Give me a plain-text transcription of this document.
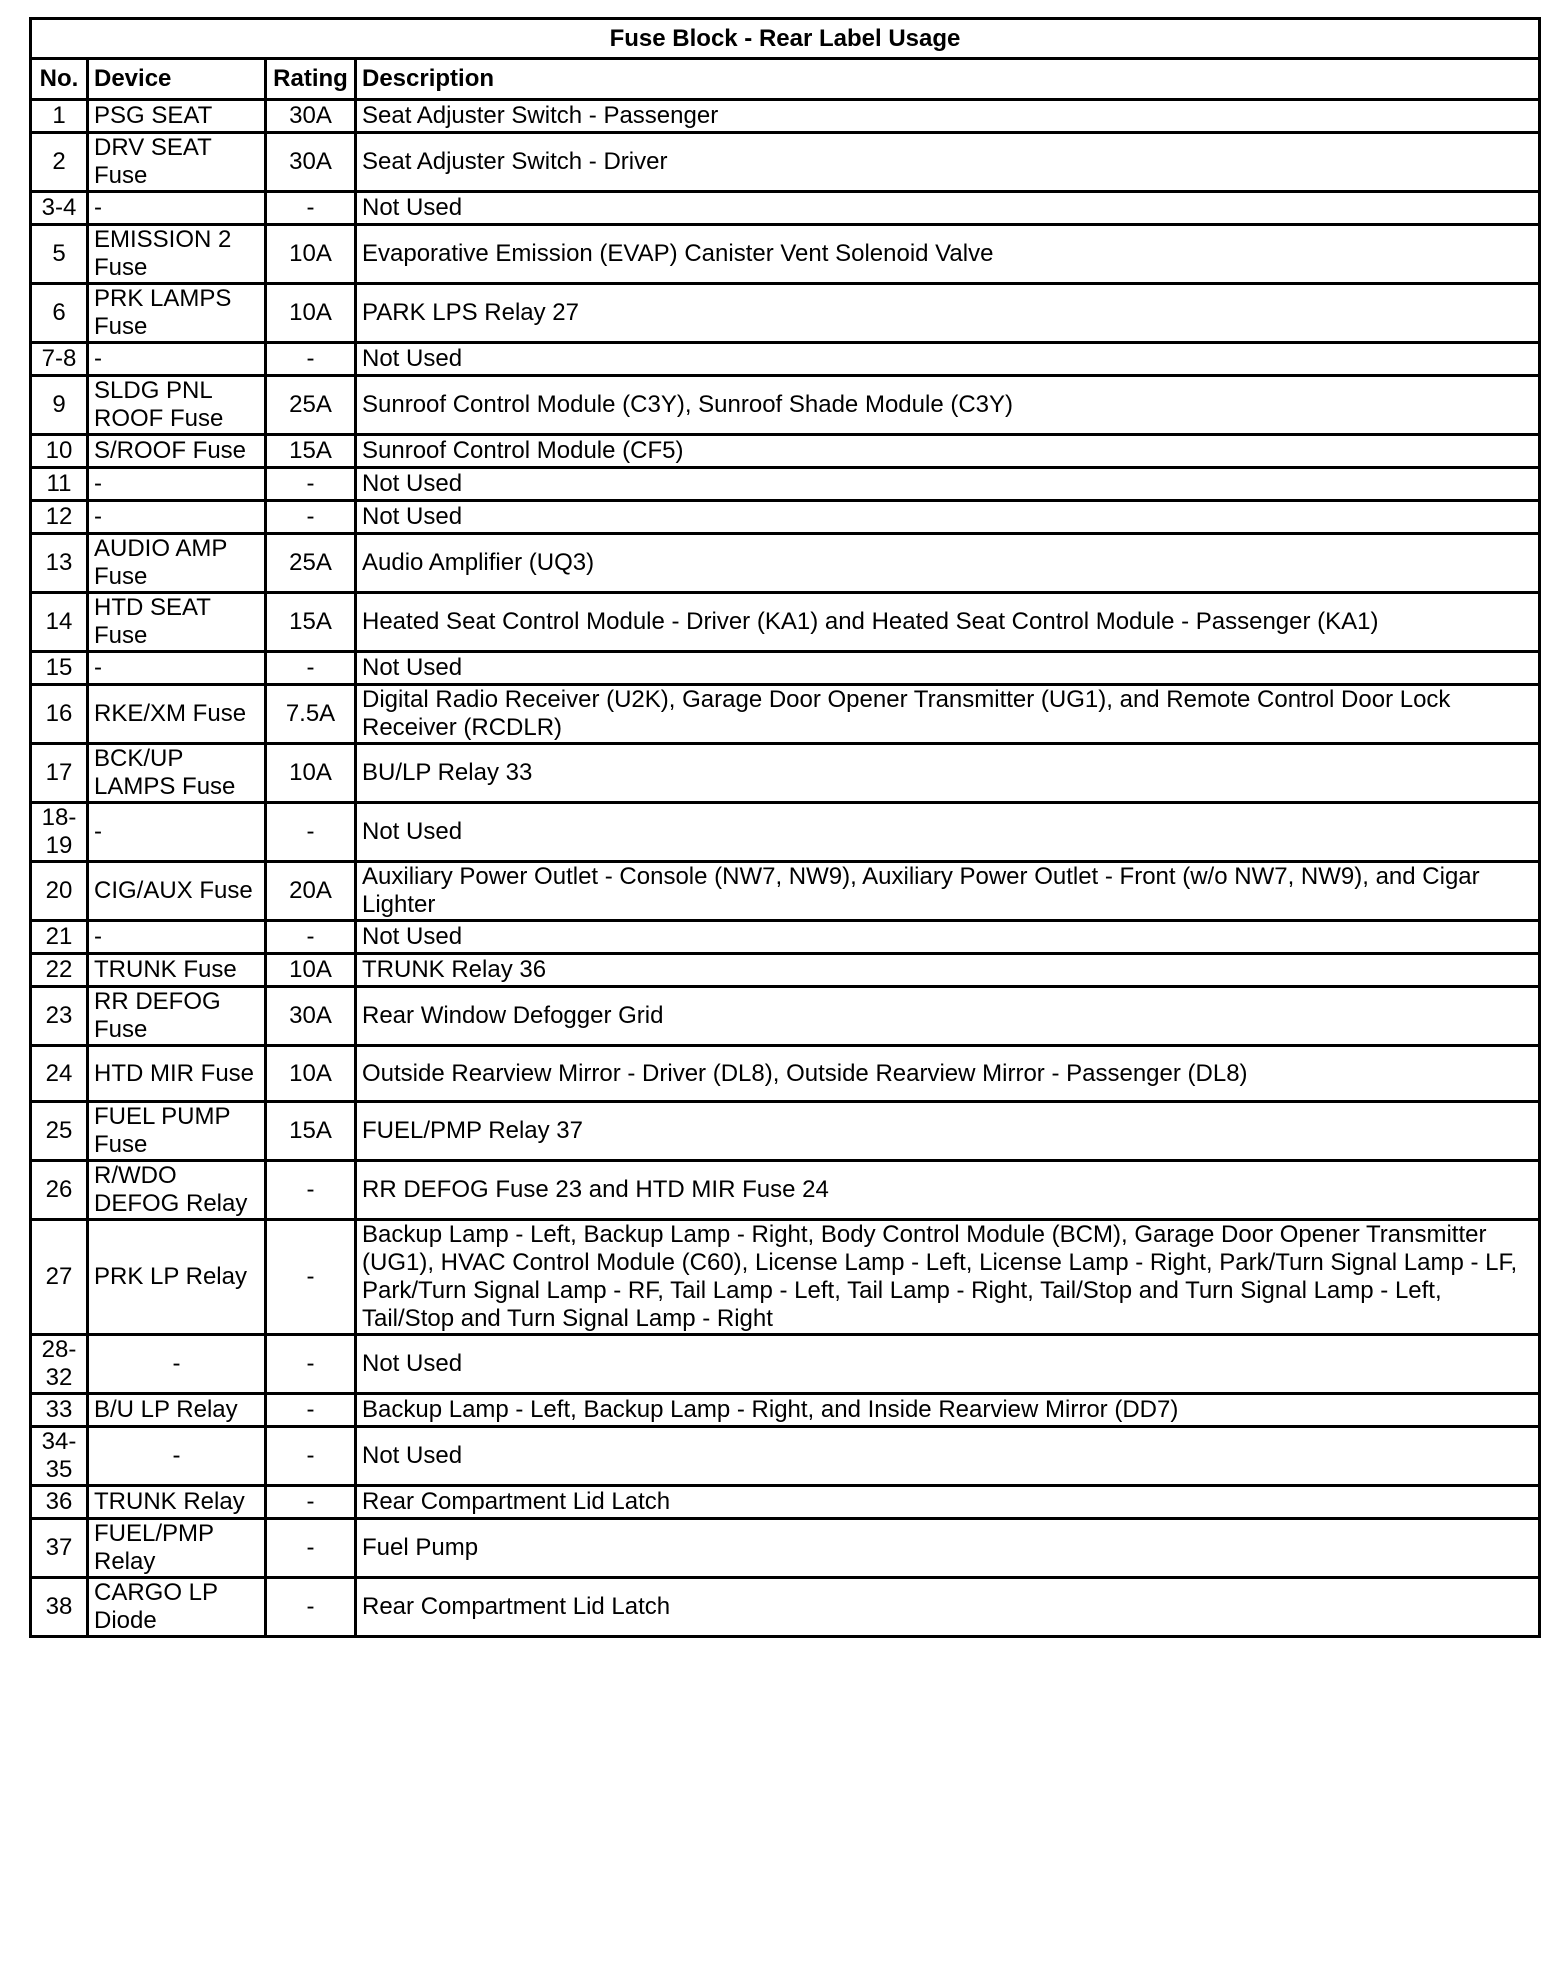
Fuse Block - Rear Label Usage			
No.	Device	Rating	Description
1	PSG SEAT	30A	Seat Adjuster Switch - Passenger
2	DRV SEAT Fuse	30A	Seat Adjuster Switch - Driver
3-4	-	-	Not Used
5	EMISSION 2 Fuse	10A	Evaporative Emission (EVAP) Canister Vent Solenoid Valve
6	PRK LAMPS Fuse	10A	PARK LPS Relay 27
7-8	-	-	Not Used
9	SLDG PNL ROOF Fuse	25A	Sunroof Control Module (C3Y), Sunroof Shade Module (C3Y)
10	S/ROOF Fuse	15A	Sunroof Control Module (CF5)
11	-	-	Not Used
12	-	-	Not Used
13	AUDIO AMP Fuse	25A	Audio Amplifier (UQ3)
14	HTD SEAT Fuse	15A	Heated Seat Control Module - Driver (KA1) and Heated Seat Control Module - Passenger (KA1)
15	-	-	Not Used
16	RKE/XM Fuse	7.5A	Digital Radio Receiver (U2K), Garage Door Opener Transmitter (UG1), and Remote Control Door Lock Receiver (RCDLR)
17	BCK/UP LAMPS Fuse	10A	BU/LP Relay 33
18-19	-	-	Not Used
20	CIG/AUX Fuse	20A	Auxiliary Power Outlet - Console (NW7, NW9), Auxiliary Power Outlet - Front (w/o NW7, NW9), and Cigar Lighter
21	-	-	Not Used
22	TRUNK Fuse	10A	TRUNK Relay 36
23	RR DEFOG Fuse	30A	Rear Window Defogger Grid
24	HTD MIR Fuse	10A	Outside Rearview Mirror - Driver (DL8), Outside Rearview Mirror - Passenger (DL8)
25	FUEL PUMP Fuse	15A	FUEL/PMP Relay 37
26	R/WDO DEFOG Relay	-	RR DEFOG Fuse 23 and HTD MIR Fuse 24
27	PRK LP Relay	-	Backup Lamp - Left, Backup Lamp - Right, Body Control Module (BCM), Garage Door Opener Transmitter (UG1), HVAC Control Module (C60), License Lamp - Left, License Lamp - Right, Park/Turn Signal Lamp - LF, Park/Turn Signal Lamp - RF, Tail Lamp - Left, Tail Lamp - Right, Tail/Stop and Turn Signal Lamp - Left, Tail/Stop and Turn Signal Lamp - Right
28-32	-	-	Not Used
33	B/U LP Relay	-	Backup Lamp - Left, Backup Lamp - Right, and Inside Rearview Mirror (DD7)
34-35	-	-	Not Used
36	TRUNK Relay	-	Rear Compartment Lid Latch
37	FUEL/PMP Relay	-	Fuel Pump
38	CARGO LP Diode	-	Rear Compartment Lid Latch
